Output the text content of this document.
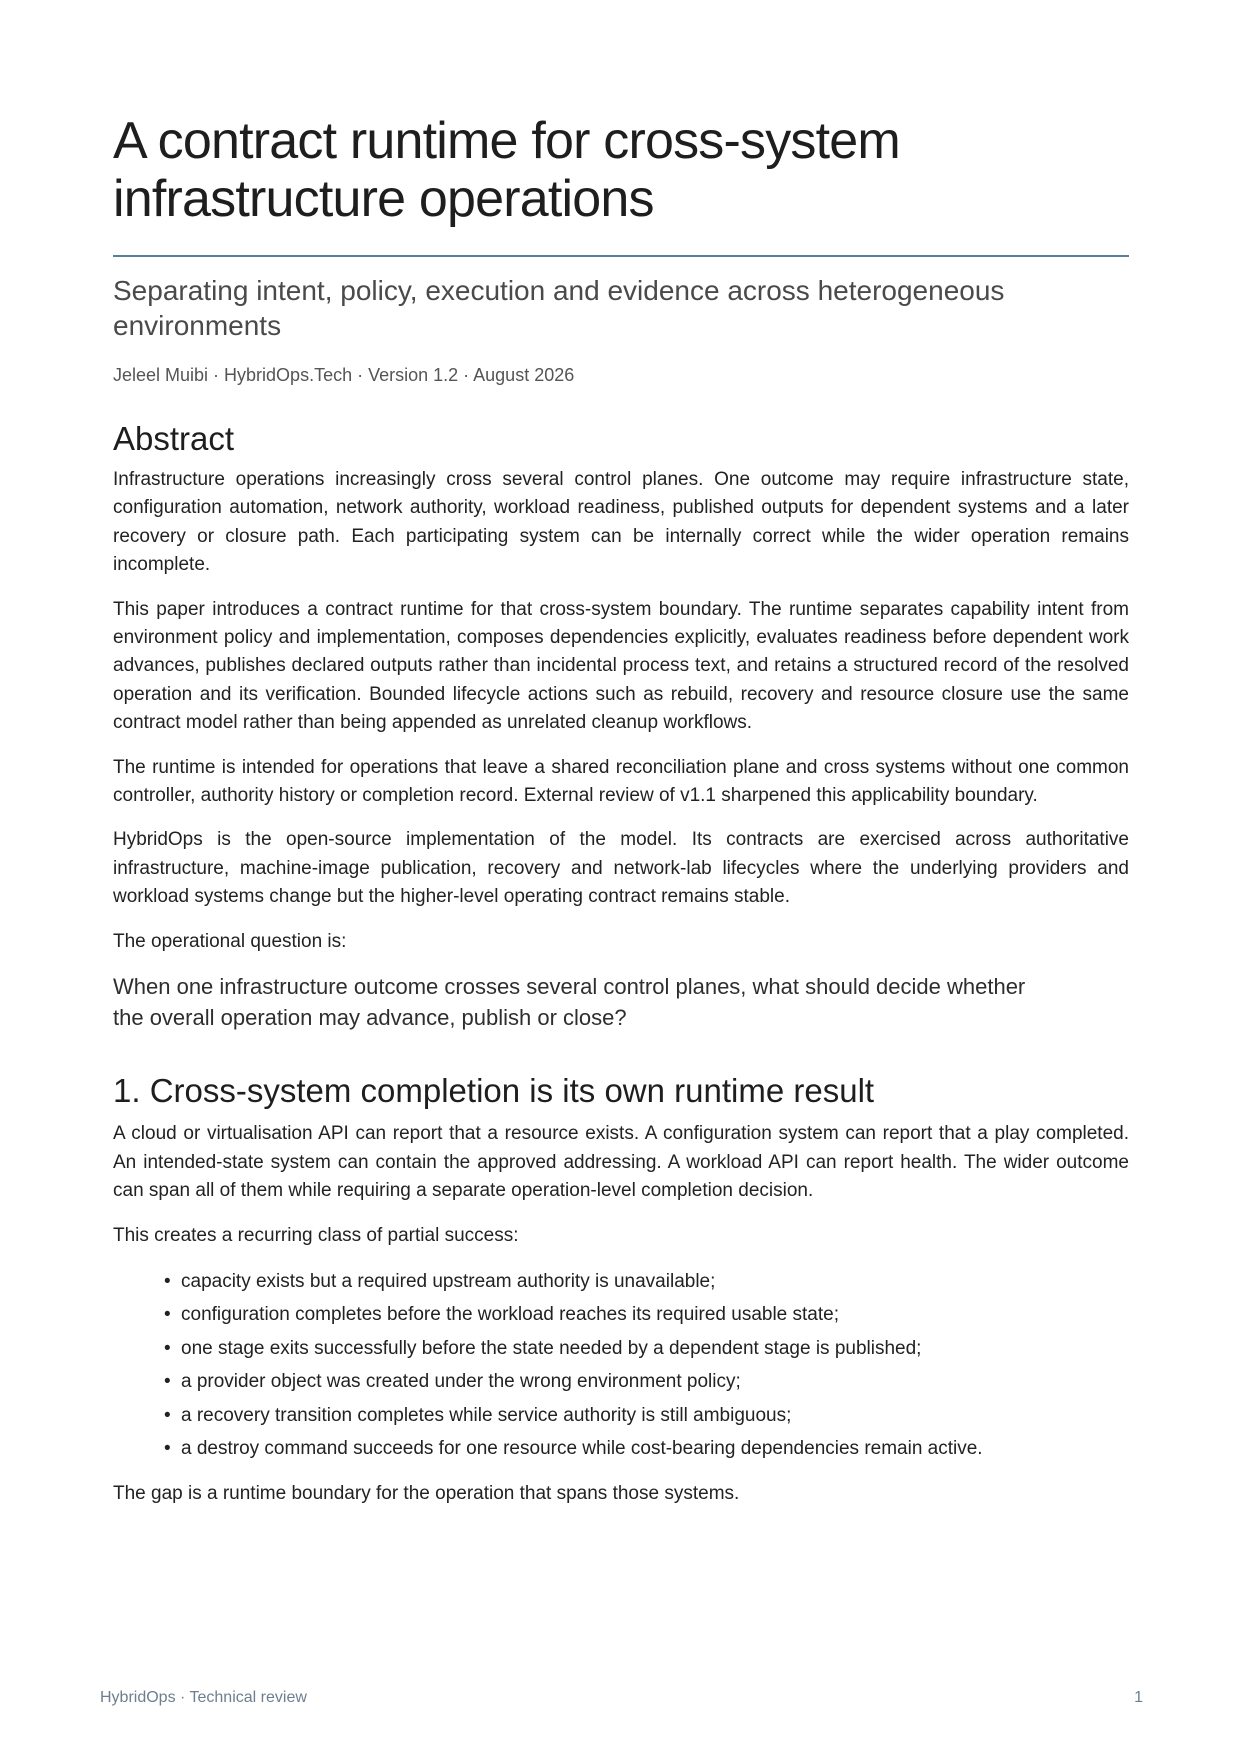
A contract runtime for cross-system infrastructure operations
Separating intent, policy, execution and evidence across heterogeneous environments
Jeleel Muibi · HybridOps.Tech · Version 1.2 · August 2026
Abstract

Infrastructure operations increasingly cross several control planes. One outcome may require infrastructure state, configuration automation, network authority, workload readiness, published outputs for dependent systems and a later recovery or closure path. Each participating system can be internally correct while the wider operation remains incomplete.

This paper introduces a contract runtime for that cross-system boundary. The runtime separates capability intent from environment policy and implementation, composes dependencies explicitly, evaluates readiness before dependent work advances, publishes declared outputs rather than incidental process text, and retains a structured record of the resolved operation and its verification. Bounded lifecycle actions such as rebuild, recovery and resource closure use the same contract model rather than being appended as unrelated cleanup workflows.

The runtime is intended for operations that leave a shared reconciliation plane and cross systems without one common controller, authority history or completion record. External review of v1.1 sharpened this applicability boundary.

HybridOps is the open-source implementation of the model. Its contracts are exercised across authoritative infrastructure, machine-image publication, recovery and network-lab lifecycles where the underlying providers and workload systems change but the higher-level operating contract remains stable.

The operational question is:

When one infrastructure outcome crosses several control planes, what should decide whether the overall operation may advance, publish or close?
1. Cross-system completion is its own runtime result

A cloud or virtualisation API can report that a resource exists. A configuration system can report that a play completed. An intended-state system can contain the approved addressing. A workload API can report health. The wider outcome can span all of them while requiring a separate operation-level completion decision.

This creates a recurring class of partial success:

• capacity exists but a required upstream authority is unavailable;
• configuration completes before the workload reaches its required usable state;
• one stage exits successfully before the state needed by a dependent stage is published;
• a provider object was created under the wrong environment policy;
• a recovery transition completes while service authority is still ambiguous;
• a destroy command succeeds for one resource while cost-bearing dependencies remain active.

The gap is a runtime boundary for the operation that spans those systems.

HybridOps · Technical review	1
